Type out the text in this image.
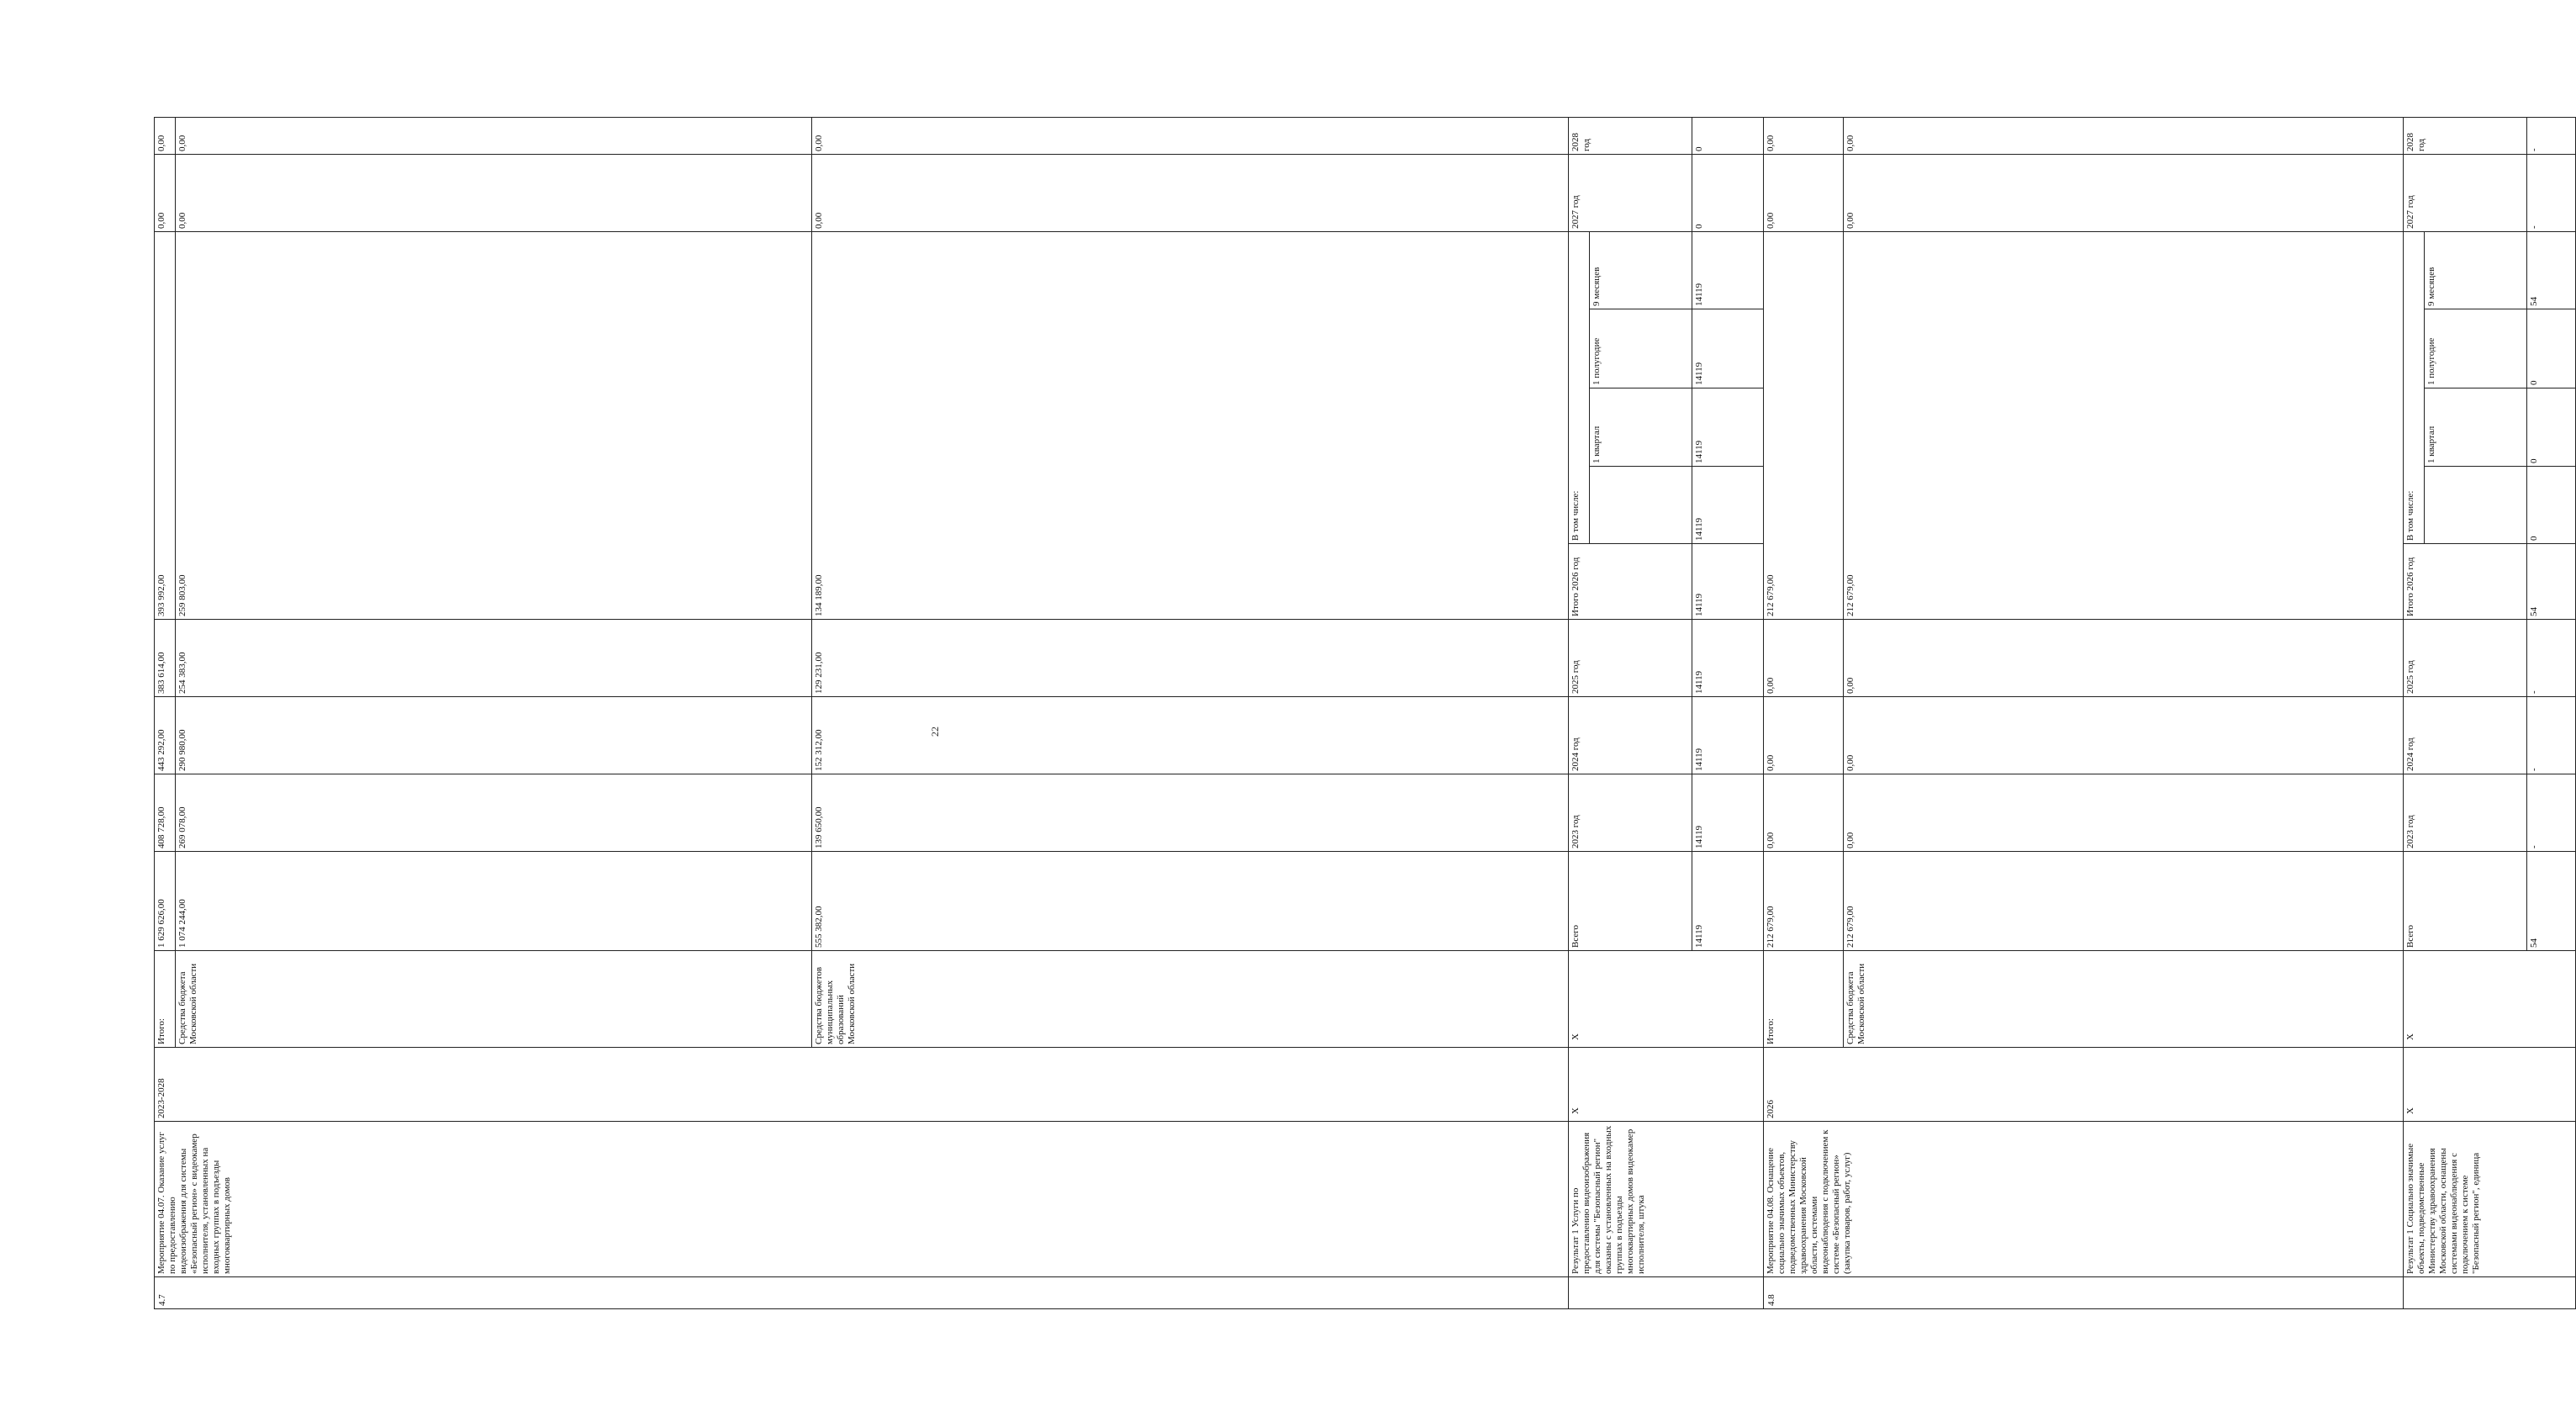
4.7	Мероприятие 04.07. Оказание услуг по предоставлению видеоизображения для системы «Безопасный регион» с видеокамер исполнителя, установленных на входных группах в подъезды многоквартирных домов	2023-2028	Итого:	1 629 626,00	408 728,00	443 292,00	383 614,00	393 992,00					0,00	0,00	
			Средства бюджета Московской области	1 074 244,00	269 078,00	290 980,00	254 383,00	259 803,00					0,00	0,00	
			Средства бюджетов муниципальных образований Московской области	555 382,00	139 650,00	152 312,00	129 231,00	134 189,00					0,00	0,00	
	Результат 1 Услуги по предоставлению видеоизображения для системы "Безопасный регион" оказаны с установленных на входных группах в подъезды многоквартирных домов видеокамер исполнителя, штука	X	X	Всего	2023 год	2024 год	2025 год	Итого 2026 год	В том числе:				2027 год	2028 год	
										1 квартал	1 полугодие	9 месяцев	
				14119	14119	14119	14119	14119	14119	14119	14119	14119	0	0	
4.8	Мероприятие 04.08. Оснащение социально значимых объектов, подведомственных Министерству здравоохранения Московской области, системами видеонаблюдения с подключением к системе «Безопасный регион» (закупка товаров, работ, услуг)	2026	Итого:	212 679,00	0,00	0,00	0,00	212 679,00					0,00	0,00	
			Средства бюджета Московской области	212 679,00	0,00	0,00	0,00	212 679,00					0,00	0,00	
	Результат 1 Социально значимые объекты, подведомственные Министерству здравоохранения Московской области, оснащены системами видеонаблюдения с подключением к системе "Безопасный регион", единица	X	X	Всего	2023 год	2024 год	2025 год	Итого 2026 год	В том числе:				2027 год	2028 год	
										1 квартал	1 полугодие	9 месяцев	
				54	-	-	-	54	0	0	0	54	-	-	
22
